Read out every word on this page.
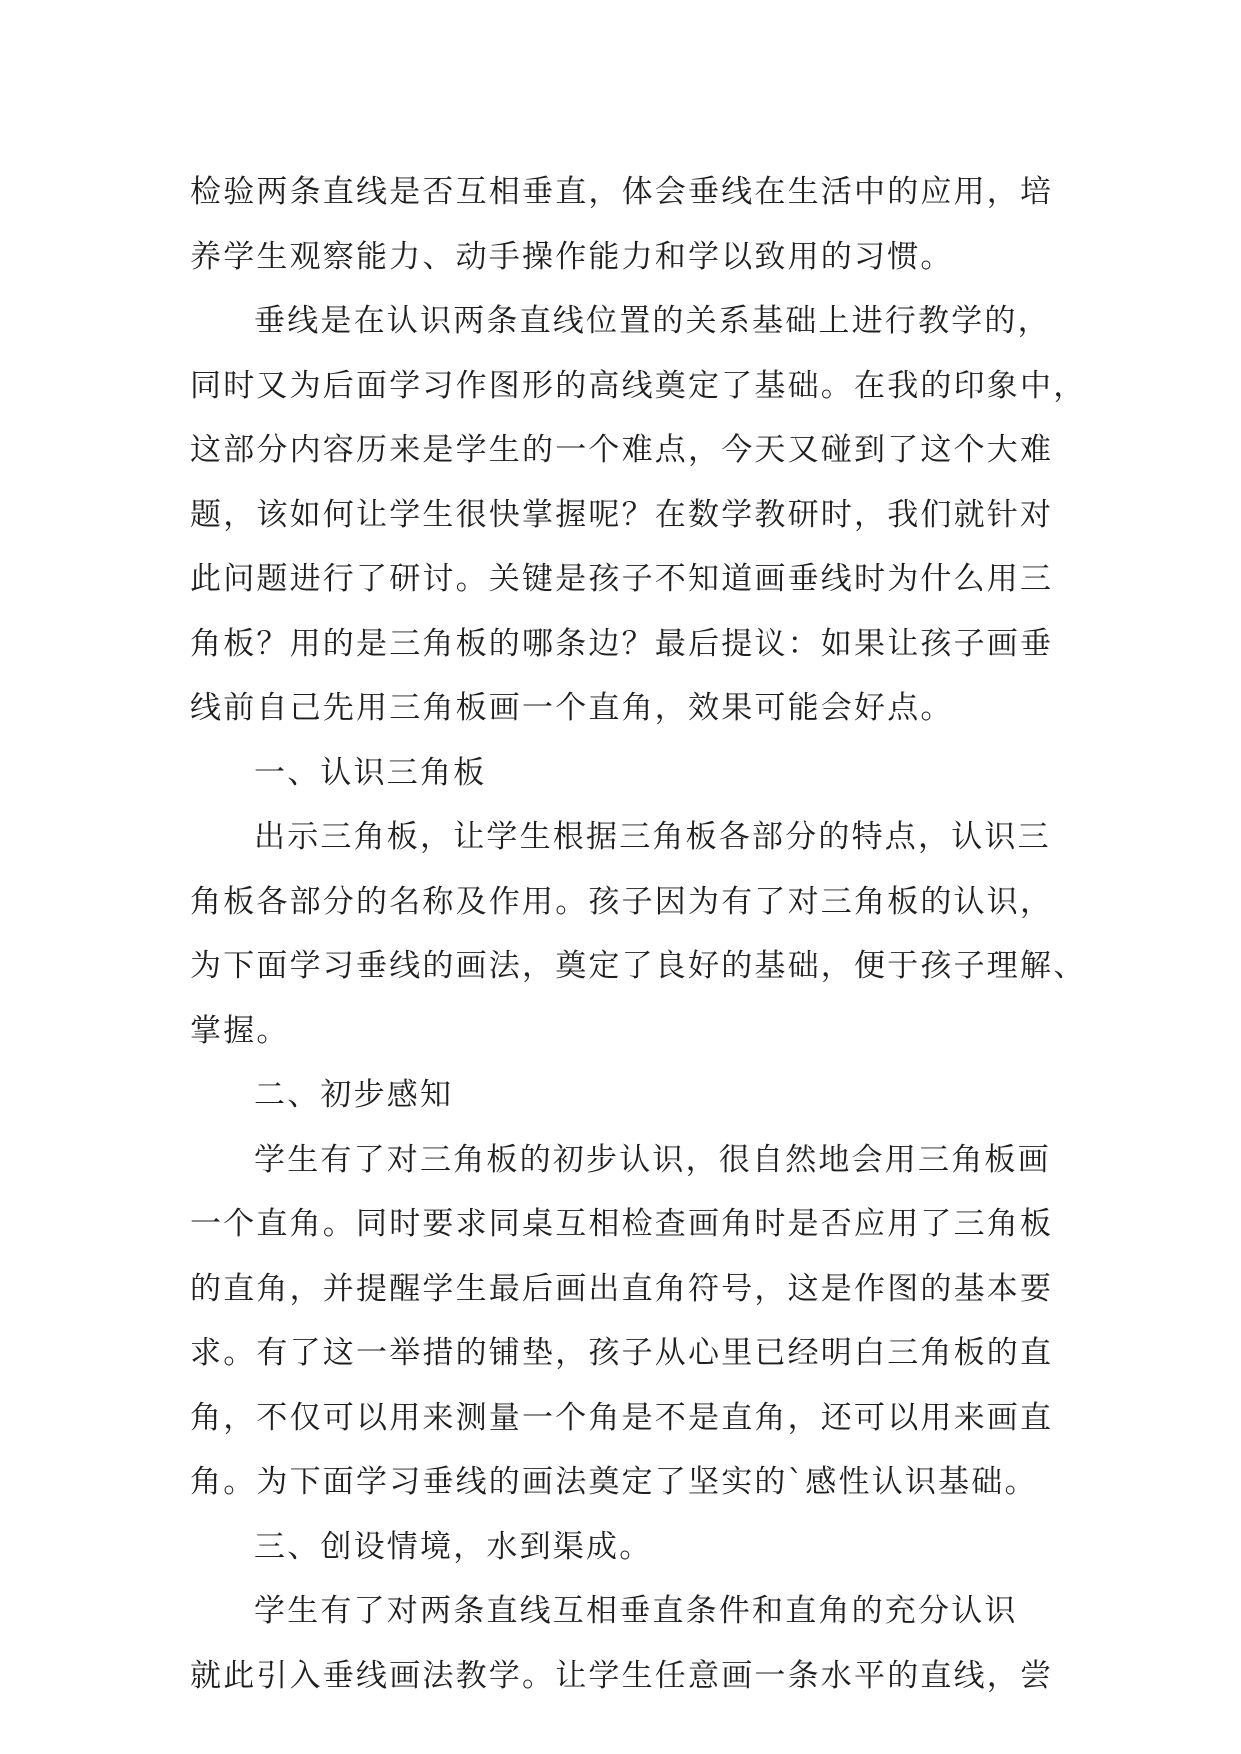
检验两条直线是否互相垂直，体会垂线在生活中的应用，培
养学生观察能力、动手操作能力和学以致用的习惯。
垂线是在认识两条直线位置的关系基础上进行教学的，
同时又为后面学习作图形的高线奠定了基础。在我的印象中，
这部分内容历来是学生的一个难点，今天又碰到了这个大难
题，该如何让学生很快掌握呢？在数学教研时，我们就针对
此问题进行了研讨。关键是孩子不知道画垂线时为什么用三
角板？用的是三角板的哪条边？最后提议：如果让孩子画垂
线前自己先用三角板画一个直角，效果可能会好点。
一、认识三角板
出示三角板，让学生根据三角板各部分的特点，认识三
角板各部分的名称及作用。孩子因为有了对三角板的认识，
为下面学习垂线的画法，奠定了良好的基础，便于孩子理解、
掌握。
二、初步感知
学生有了对三角板的初步认识，很自然地会用三角板画
一个直角。同时要求同桌互相检查画角时是否应用了三角板
的直角，并提醒学生最后画出直角符号，这是作图的基本要
求。有了这一举措的铺垫，孩子从心里已经明白三角板的直
角，不仅可以用来测量一个角是不是直角，还可以用来画直
角。为下面学习垂线的画法奠定了坚实的`感性认识基础。
三、创设情境，水到渠成。
学生有了对两条直线互相垂直条件和直角的充分认识
就此引入垂线画法教学。让学生任意画一条水平的直线，尝
